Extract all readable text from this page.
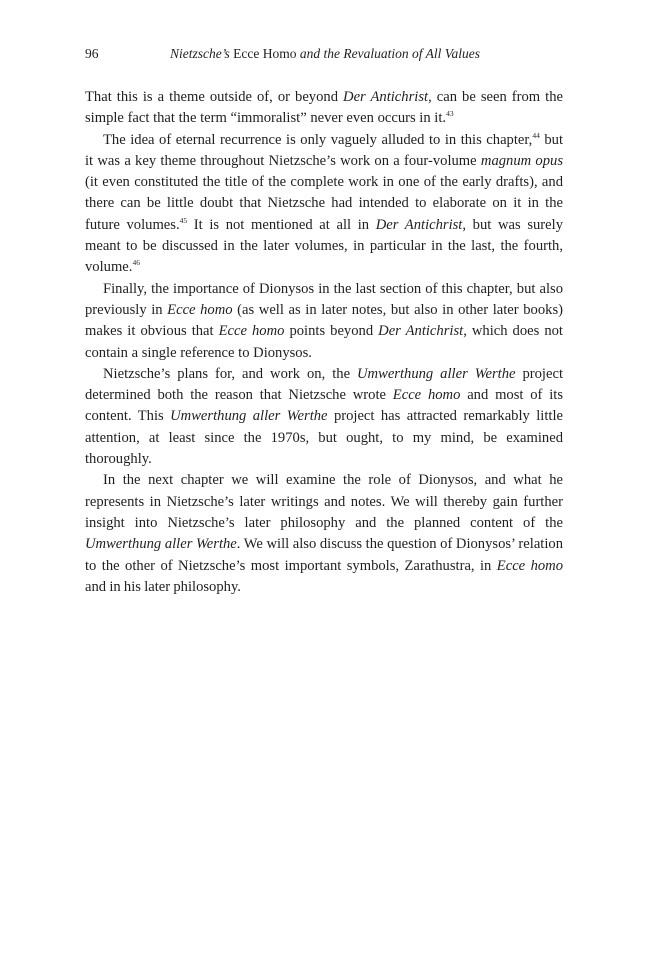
96	Nietzsche’s Ecce Homo and the Revaluation of All Values

That this is a theme outside of, or beyond Der Antichrist, can be seen from the simple fact that the term “immoralist” never even occurs in it.$^{43}$

The idea of eternal recurrence is only vaguely alluded to in this chapter,$^{44}$ but it was a key theme throughout Nietzsche’s work on a four-volume magnum opus (it even constituted the title of the complete work in one of the early drafts), and there can be little doubt that Nietzsche had intended to elaborate on it in the future volumes.$^{45}$ It is not mentioned at all in Der Antichrist, but was surely meant to be discussed in the later volumes, in particular in the last, the fourth, volume.$^{46}$

Finally, the importance of Dionysos in the last section of this chapter, but also previously in Ecce homo (as well as in later notes, but also in other later books) makes it obvious that Ecce homo points beyond Der Antichrist, which does not contain a single reference to Dionysos.

Nietzsche’s plans for, and work on, the Umwerthung aller Werthe project determined both the reason that Nietzsche wrote Ecce homo and most of its content. This Umwerthung aller Werthe project has attracted remarkably little attention, at least since the 1970s, but ought, to my mind, be examined thoroughly.

In the next chapter we will examine the role of Dionysos, and what he represents in Nietzsche’s later writings and notes. We will thereby gain further insight into Nietzsche’s later philosophy and the planned content of the Umwerthung aller Werthe. We will also discuss the question of Dionysos’ relation to the other of Nietzsche’s most important symbols, Zarathustra, in Ecce homo and in his later philosophy.
